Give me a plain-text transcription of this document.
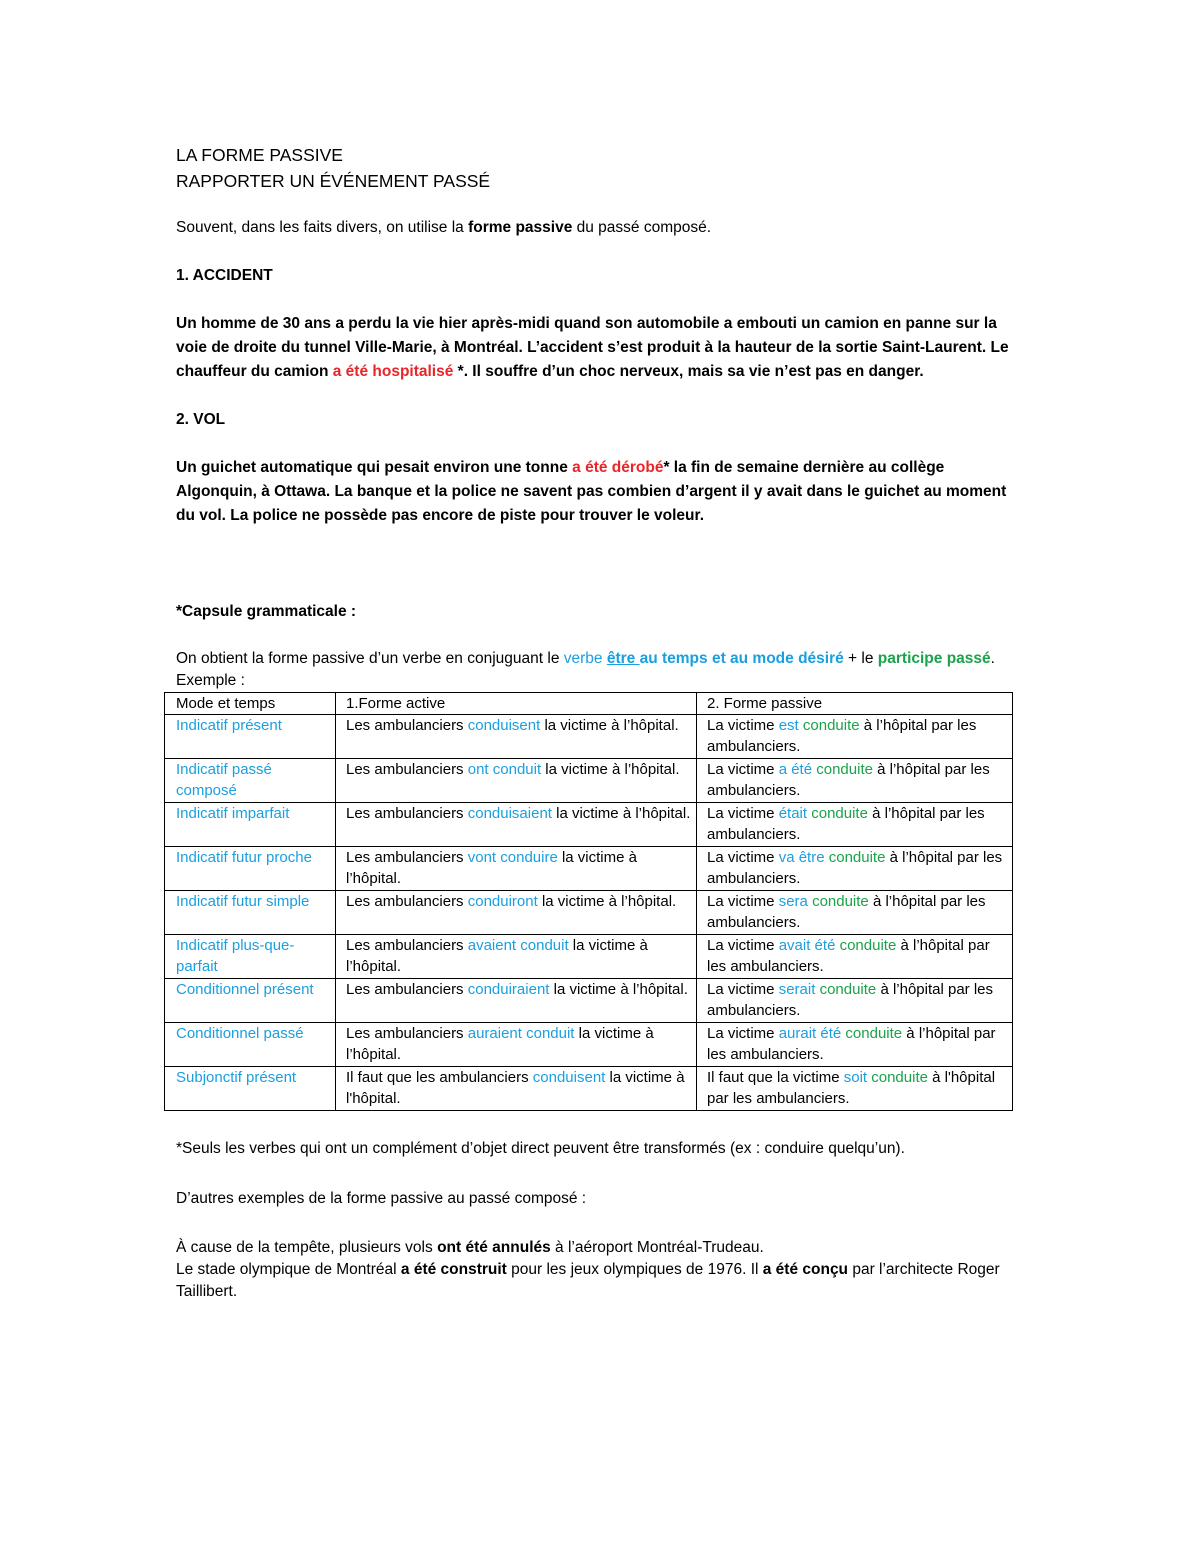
LA FORME PASSIVE
RAPPORTER UN ÉVÉNEMENT PASSÉ

Souvent, dans les faits divers, on utilise la forme passive du passé composé.

1. ACCIDENT

Un homme de 30 ans a perdu la vie hier après-midi quand son automobile a embouti un camion en panne sur la voie de droite du tunnel Ville-Marie, à Montréal. L’accident s’est produit à la hauteur de la sortie Saint-Laurent. Le chauffeur du camion a été hospitalisé *. Il souffre d’un choc nerveux, mais sa vie n’est pas en danger.

2. VOL

Un guichet automatique qui pesait environ une tonne a été dérobé* la fin de semaine dernière au collège Algonquin, à Ottawa. La banque et la police ne savent pas combien d’argent il y avait dans le guichet au moment du vol. La police ne possède pas encore de piste pour trouver le voleur.

*Capsule grammaticale :

On obtient la forme passive d’un verbe en conjuguant le verbe être au temps et au mode désiré + le participe passé.

Exemple :

Mode et temps	1.Forme active	2. Forme passive
Indicatif présent	Les ambulanciers conduisent la victime à l’hôpital.	La victime est conduite à l’hôpital par les ambulanciers.
Indicatif passé composé	Les ambulanciers ont conduit la victime à l’hôpital.	La victime a été conduite à l’hôpital par les ambulanciers.
Indicatif imparfait	Les ambulanciers conduisaient la victime à l’hôpital.	La victime était conduite à l’hôpital par les ambulanciers.
Indicatif futur proche	Les ambulanciers vont conduire la victime à l’hôpital.	La victime va être conduite à l’hôpital par les ambulanciers.
Indicatif futur simple	Les ambulanciers conduiront la victime à l’hôpital.	La victime sera conduite à l’hôpital par les ambulanciers.
Indicatif plus-que-parfait	Les ambulanciers avaient conduit la victime à l’hôpital.	La victime avait été conduite à l’hôpital par les ambulanciers.
Conditionnel présent	Les ambulanciers conduiraient la victime à l’hôpital.	La victime serait conduite à l’hôpital par les ambulanciers.
Conditionnel passé	Les ambulanciers auraient conduit la victime à l’hôpital.	La victime aurait été conduite à l’hôpital par les ambulanciers.
Subjonctif présent	Il faut que les ambulanciers conduisent la victime à l'hôpital.	Il faut que la victime soit conduite à l'hôpital par les ambulanciers.

*Seuls les verbes qui ont un complément d’objet direct peuvent être transformés (ex : conduire quelqu’un).

D’autres exemples de la forme passive au passé composé :

À cause de la tempête, plusieurs vols ont été annulés à l’aéroport Montréal-Trudeau.

Le stade olympique de Montréal a été construit pour les jeux olympiques de 1976. Il a été conçu par l’architecte Roger Taillibert.
